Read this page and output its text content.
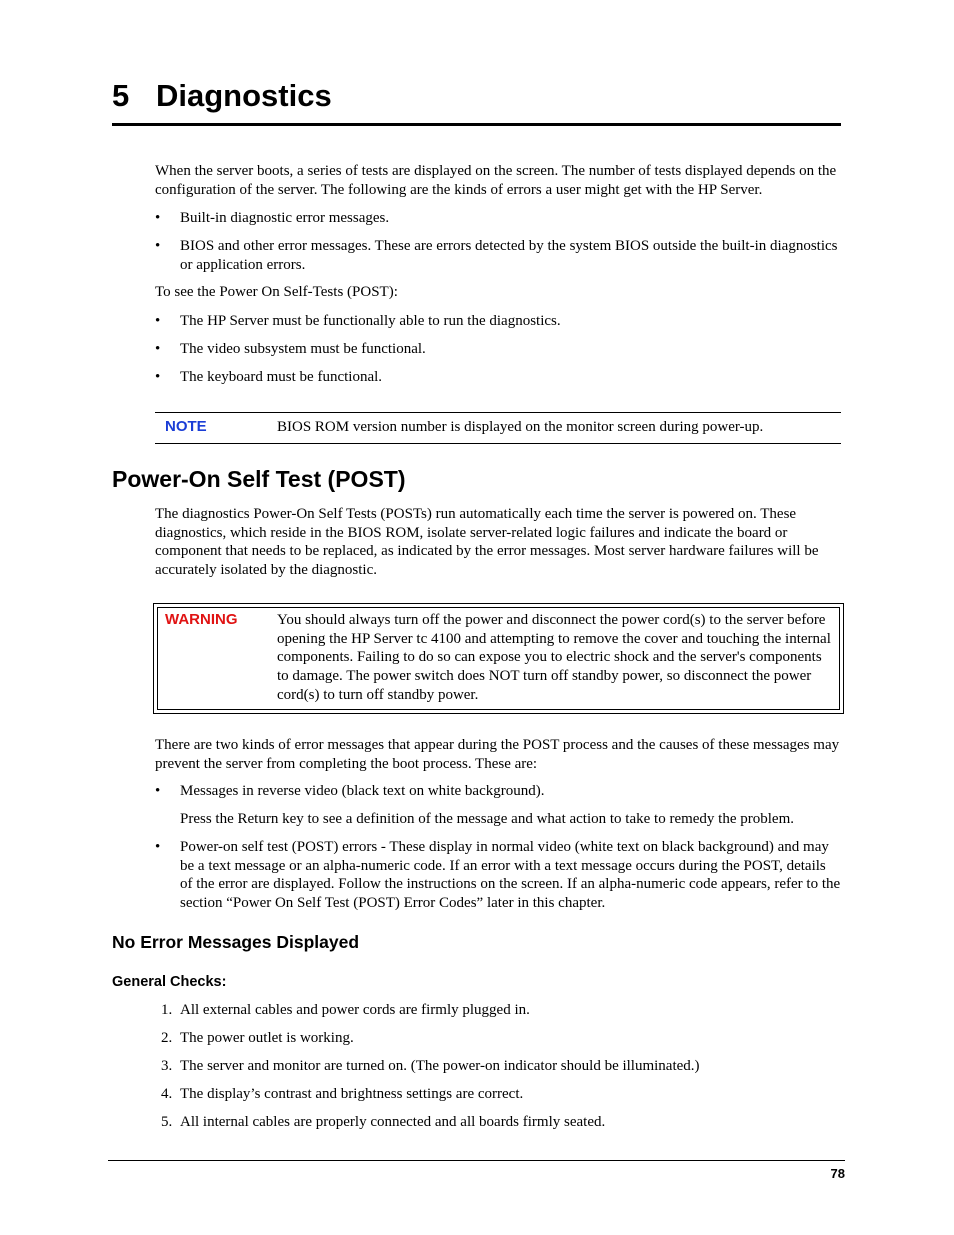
5 Diagnostics

When the server boots, a series of tests are displayed on the screen. The number of tests displayed depends on the configuration of the server. The following are the kinds of errors a user might get with the HP Server.

•	Built-in diagnostic error messages.
•	BIOS and other error messages. These are errors detected by the system BIOS outside the built-in diagnostics or application errors.

To see the Power On Self-Tests (POST):

•	The HP Server must be functionally able to run the diagnostics.
•	The video subsystem must be functional.
•	The keyboard must be functional.
NOTE	BIOS ROM version number is displayed on the monitor screen during power-up.
Power-On Self Test (POST)

The diagnostics Power-On Self Tests (POSTs) run automatically each time the server is powered on. These diagnostics, which reside in the BIOS ROM, isolate server-related logic failures and indicate the board or component that needs to be replaced, as indicated by the error messages. Most server hardware failures will be accurately isolated by the diagnostic.

WARNING	You should always turn off the power and disconnect the power cord(s) to the server before opening the HP Server tc 4100 and attempting to remove the cover and touching the internal components. Failing to do so can expose you to electric shock and the server's components to damage. The power switch does NOT turn off standby power, so disconnect the power cord(s) to turn off standby power.

There are two kinds of error messages that appear during the POST process and the causes of these messages may prevent the server from completing the boot process. These are:

•	Messages in reverse video (black text on white background).

Press the Return key to see a definition of the message and what action to take to remedy the problem.

•	Power-on self test (POST) errors - These display in normal video (white text on black background) and may be a text message or an alpha-numeric code. If an error with a text message occurs during the POST, details of the error are displayed. Follow the instructions on the screen. If an alpha-numeric code appears, refer to the section “Power On Self Test (POST) Error Codes” later in this chapter.
No Error Messages Displayed
General Checks:
1. All external cables and power cords are firmly plugged in.
2. The power outlet is working.
3. The server and monitor are turned on. (The power-on indicator should be illuminated.)
4. The display’s contrast and brightness settings are correct.
5. All internal cables are properly connected and all boards firmly seated.
78
